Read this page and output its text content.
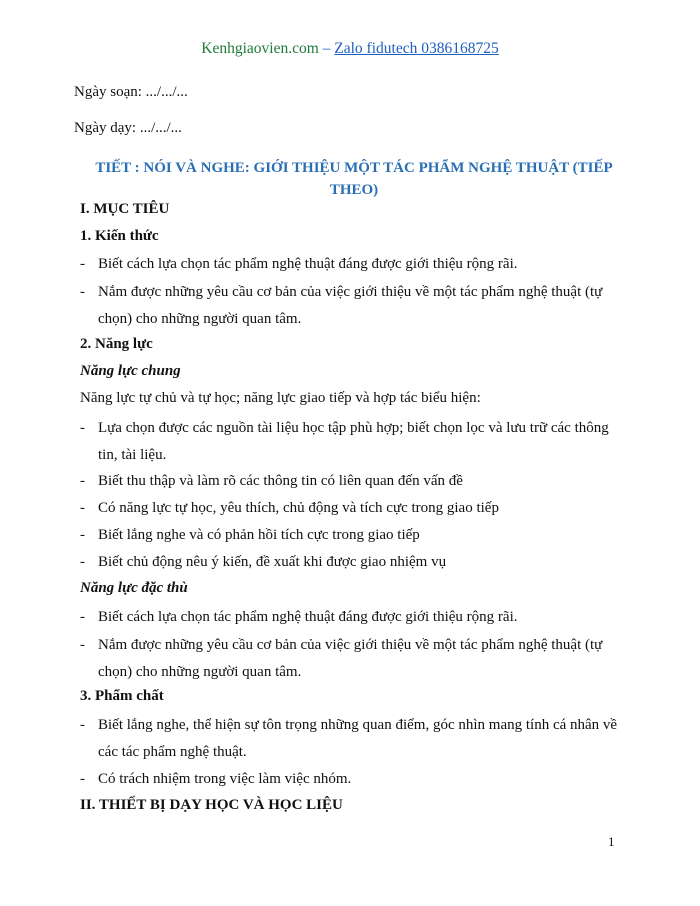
Kenhgiaovien.com – Zalo fidutech 0386168725
Ngày soạn: .../.../...
Ngày dạy: .../.../...
TIẾT : NÓI VÀ NGHE: GIỚI THIỆU MỘT TÁC PHẨM NGHỆ THUẬT (TIẾP THEO)
I. MỤC TIÊU
1. Kiến thức
- Biết cách lựa chọn tác phẩm nghệ thuật đáng được giới thiệu rộng rãi.
- Nắm được những yêu cầu cơ bản của việc giới thiệu về một tác phẩm nghệ thuật (tự chọn) cho những người quan tâm.
2. Năng lực
Năng lực chung
Năng lực tự chủ và tự học; năng lực giao tiếp và hợp tác biểu hiện:
- Lựa chọn được các nguồn tài liệu học tập phù hợp; biết chọn lọc và lưu trữ các thông tin, tài liệu.
- Biết thu thập và làm rõ các thông tin có liên quan đến vấn đề
- Có năng lực tự học, yêu thích, chủ động và tích cực trong giao tiếp
- Biết lắng nghe và có phản hồi tích cực trong giao tiếp
- Biết chủ động nêu ý kiến, đề xuất khi được giao nhiệm vụ
Năng lực đặc thù
- Biết cách lựa chọn tác phẩm nghệ thuật đáng được giới thiệu rộng rãi.
- Nắm được những yêu cầu cơ bản của việc giới thiệu về một tác phẩm nghệ thuật (tự chọn) cho những người quan tâm.
3. Phẩm chất
- Biết lắng nghe, thể hiện sự tôn trọng những quan điểm, góc nhìn mang tính cá nhân về các tác phẩm nghệ thuật.
- Có trách nhiệm trong việc làm việc nhóm.
II. THIẾT BỊ DẠY HỌC VÀ HỌC LIỆU
1
